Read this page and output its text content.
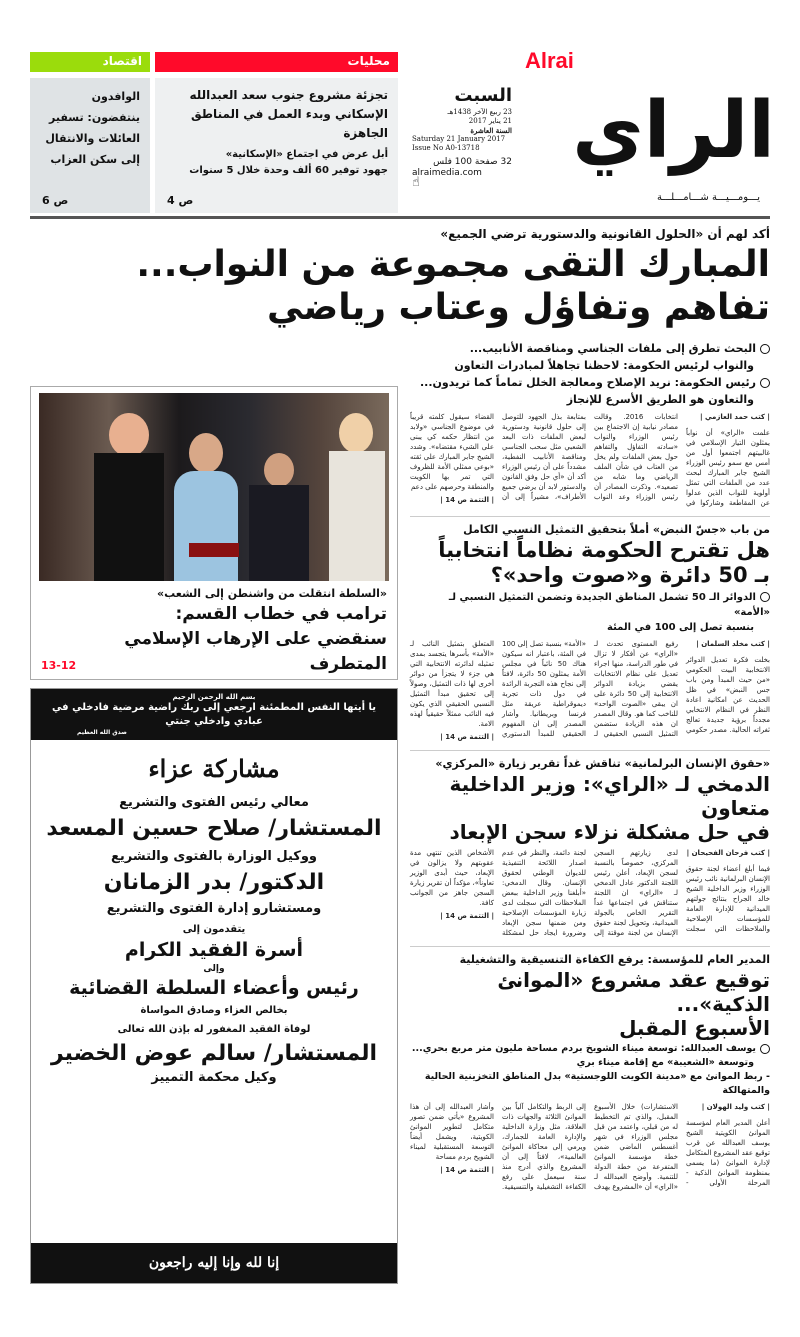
محليات
اقتصاد
تجزئة مشروع جنوب سعد العبدالله الإسكاني وبدء العمل في المناطق الجاهزة
أبل عرض في اجتماع «الإسكانية»
جهود توفير 60 ألف وحدة خلال 5 سنوات
ص 4
الوافدون ينتفضون: تسفير العائلات والانتقال إلى سكن العزاب
ص 6
السبت
23 ربيع الآخر 1438هـ
21 يناير 2017
السنة العاشرة
Saturday 21 January 2017
Issue No A0-13718
32 صفحة 100 فلس
alraimedia.com
☝
Alrai
الراي
يـــومـــيـــة شـــامـــلـــة
أكد لهم أن «الحلول القانونية والدستورية ترضي الجميع»
المبارك التقى مجموعة من النواب...
تفاهم وتفاؤل وعتاب رياضي
البحث تطرق إلى ملفات الجناسي ومناقصة الأنابيب...
والنواب لرئيس الحكومة: لاحظنا تجاهلاً لمبادرات التعاون
رئيس الحكومة: نريد الإصلاح ومعالجة الخلل تماماً كما تريدون...
والتعاون هو الطريق الأسرع للإنجاز
| كتب حمد العازمي |
علمت «الراي» أن نواباً يمثلون التيار الإسلامي في غالبيتهم اجتمعوا أول من أمس مع سمو رئيس الوزراء الشيخ جابر المبارك لبحث عدد من الملفات التي تمثل أولوية للنواب الذين عدلوا عن المقاطعة وشاركوا في انتخابات 2016. وقالت مصادر نيابية إن الاجتماع بين رئيس الوزراء والنواب «سادته التفاؤل والتفاهم حول بعض الملفات ولم يخل من العتاب في شأن الملف الرياضي وما شابه من تصعيد». وذكرت المصادر أن رئيس الوزراء وعد النواب بمتابعة بذل الجهود للتوصل إلى حلول قانونية ودستورية لبعض الملفات ذات البعد الشعبي مثل سحب الجناسي ومناقصة الأنابيب النفطية، مشدداً على أن رئيس الوزراء أكد أن «أي حل وفق القانون والدستور لابد أن يرضي جميع الأطراف»، مشيراً إلى أن القضاء سيقول كلمته قريباً في موضوع الجناسي «ولابد من انتظار حكمه كي يبنى على الشيء مقتضاه». وشدد الشيخ جابر المبارك على ثقته «بوعي ممثلي الأمة للظروف التي تمر بها الكويت والمنطقة وحرصهم على دعم
| التتمة ص 14 |
من باب «جسّ النبض» أملاً بتحقيق التمثيل النسبي الكامل
هل تقترح الحكومة نظاماً انتخابياً
بـ 50 دائرة و«صوت واحد»؟
الدوائر الـ 50 تشمل المناطق الجديدة وتضمن التمثيل النسبي لـ «الأمة»
بنسبة تصل إلى 100 في المئة
| كتب مخلد السلمان |
بخلت فكرة تعديل الدوائر الانتخابية البيت الحكومي «من حيث المبدأ ومن باب جس النبض» في ظل الحديث عن امكانية اعادة النظر في النظام الانتخابي مجدداً برؤية جديدة تعالج ثغراته الحالية. مصدر حكومي رفيع المستوى تحدث لـ «الراي» عن أفكار لا تزال في طور الدراسة، منها اجراء تعديل على نظام الانتخابات يقضي بزيادة الدوائر الانتخابية إلى 50 دائرة على ان يبقى «الصوت الواحد» للناخب كما هو. وقال المصدر ان هذه الزيادة ستضمن التمثيل النسبي الحقيقي لـ «الأمة» بنسبة تصل إلى 100 في المئة، باعتبار انه سيكون هناك 50 نائباً في مجلس الأمة يمثلون 50 دائرة، لافتاً إلى نجاح هذه التجربة الرائدة في دول ذات تجربة ديموقراطية عريقة مثل فرنسا وبريطانيا. وأشار المصدر إلى ان المفهوم الحقيقي للمبدأ الدستوري المتعلق بتمثيل النائب لـ «الأمة» بأسرها يتجسد بمدى تمثيله لدائرته الانتخابية التي هي جزء لا يتجزأ من دوائر أخرى لها ذات التمثيل، وصولاً إلى تحقيق مبدأ التمثيل النسبي الحقيقي الذي يكون فيه النائب ممثلاً حقيقياً لهذه الامة.
| التتمة ص 14 |
«حقوق الإنسان البرلمانية» تناقش غداً تقرير زيارة «المركزي»
الدمخي لـ «الراي»: وزير الداخلية متعاون
في حل مشكلة نزلاء سجن الإبعاد
| كتب فرحان الفحيحان |
فيما أبلغ أعضاء لجنة حقوق الإنسان البرلمانية نائب رئيس الوزراء وزير الداخلية الشيخ خالد الجراح بنتائج جولتهم الميدانية للإدارة العامة للمؤسسات الإصلاحية والملاحظات التي سجلت لدى زيارتهم السجن المركزي، خصوصاً بالنسبة لسجن الإبعاد، أعلن رئيس اللجنة الدكتور عادل الدمخي لـ «الراي» ان اللجنة ستناقش في اجتماعها غداً التقرير الخاص بالجولة الميدانية، وتحويل لجنة حقوق الإنسان من لجنة موقتة إلى لجنة دائمة، والنظر في عدم اصدار اللائحة التنفيذية للديوان الوطني لحقوق الإنسان. وقال الدمخي: «أبلغنا وزير الداخلية ببعض الملاحظات التي سجلت لدى زيارة المؤسسات الإصلاحية ومن ضمنها سجن الإبعاد وضرورة ايجاد حل لمشكلة الأشخاص الذين تنتهي مدة عقوبتهم ولا يزالون في الإبعاد، حيث أبدى الوزير تعاوناً»، مؤكداً أن تقرير زيارة السجن جاهز من الجوانب كافة.
| التتمة ص 14 |
المدير العام للمؤسسة: يرفع الكفاءة التنسيقية والتشغيلية
توقيع عقد مشروع «الموانئ الذكية»...
الأسبوع المقبل
يوسف العبدالله: توسعة ميناء الشويخ بردم مساحة مليون متر مربع بحري...
وتوسعة «الشعيبة» مع إقامة ميناء بري
- ربط الموانئ مع «مدينة الكويت اللوجستية» بدل المناطق التخزينية الحالية والمتهالكة
| كتب وليد الهولان |
أعلن المدير العام لمؤسسة الموانئ الكويتية الشيخ يوسف العبدالله عن قرب توقيع عقد المشروع المتكامل لإدارة الموانئ (ما يسمى بمنظومة الموانئ الذكية - المرحلة الأولى - الاستشارات) خلال الأسبوع المقبل، والذي تم التخطيط له من قبلي، واعتمد من قبل مجلس الوزراء في شهر أغسطس الماضي ضمن خطة مؤسسة الموانئ المتفرعة من خطة الدولة للتنمية. وأوضح العبدالله لـ «الراي» أن «المشروع يهدف إلى الربط والتكامل آلياً بين الموانئ الثلاثة والجهات ذات العلاقة، مثل وزارة الداخلية والإدارة العامة للجمارك، ويرمي إلى محاكاة الموانئ العالمية»، لافتاً إلى أن المشروع والذي أدرج منذ سنة سيعمل على رفع الكفاءة التشغيلية والتنسيقية. وأشار العبدالله إلى أن هذا المشروع «يأتي ضمن تصور متكامل لتطوير الموانئ الكويتية، ويشمل أيضاً التوسعة المستقبلية لميناء الشويخ بردم مساحة
| التتمة ص 14 |
«السلطة انتقلت من واشنطن إلى الشعب»
ترامب في خطاب القسم:
سنقضي على الإرهاب الإسلامي المتطرف
13-12
بسم الله الرحمن الرحيم
يا أيتها النفس المطمئنة ارجعي إلى ربك راضية مرضية فادخلي في عبادي وادخلي جنتي
صدق الله العظيم
مشاركة عزاء
معالي رئيس الفتوى والتشريع
المستشار/ صلاح حسين المسعد
ووكيل الوزارة بالفتوى والتشريع
الدكتور/ بدر الزمانان
ومستشارو إدارة الفتوى والتشريع
يتقدمون إلى
أسرة الفقيد الكرام
وإلى
رئيس وأعضاء السلطة القضائية
بخالص العزاء وصادق المواساة
لوفاة الفقيد المغفور له بإذن الله تعالى
المستشار/ سالم عوض الخضير
وكيل محكمة التمييز
إنا لله وإنا إليه راجعون
